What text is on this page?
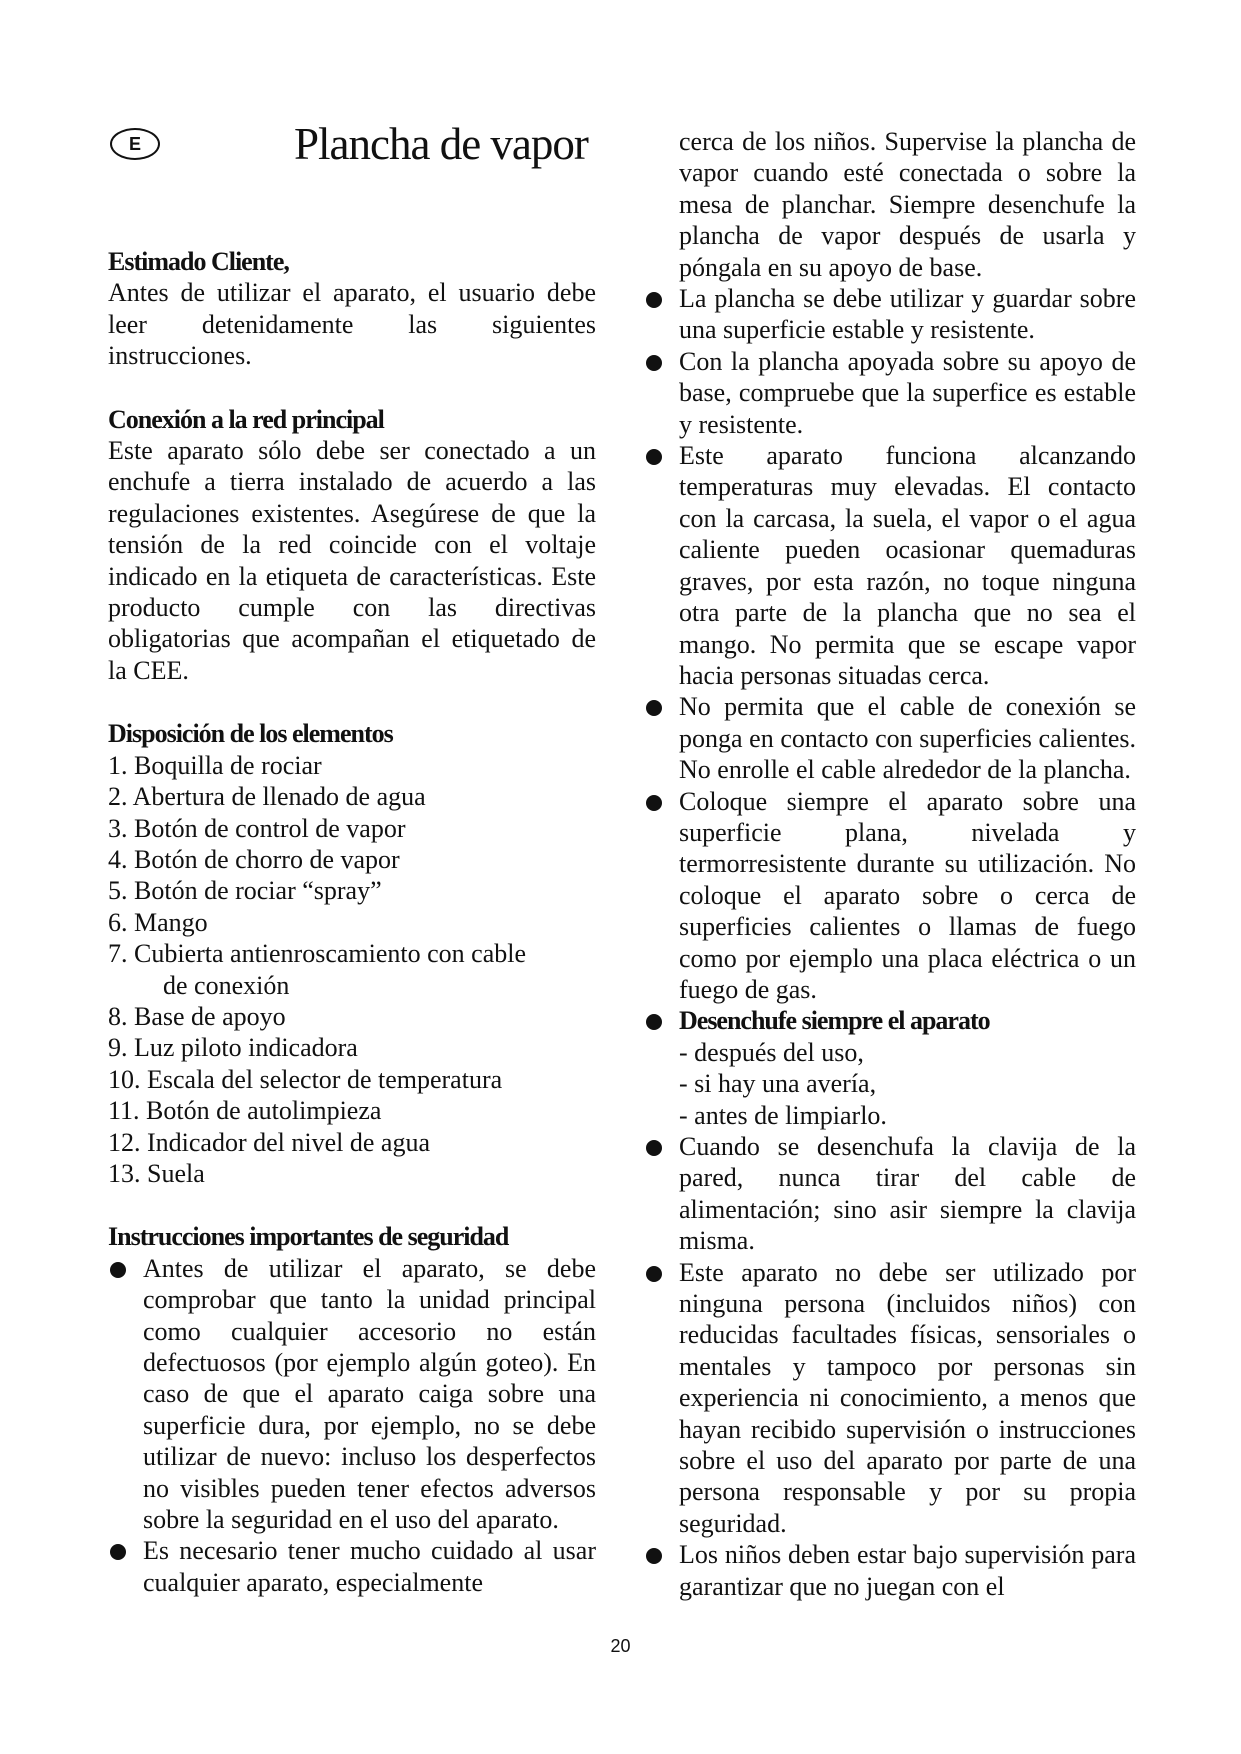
E	Plancha de vapor
Estimado Cliente,
Antes de utilizar el aparato, el usuario debe leer detenidamente las siguientes instrucciones.
Conexión a la red principal
Este aparato sólo debe ser conectado a un enchufe a tierra instalado de acuerdo a las regulaciones existentes. Asegúrese de que la tensión de la red coincide con el voltaje indicado en la etiqueta de características. Este producto cumple con las directivas obligatorias que acompañan el etiquetado de la CEE.
Disposición de los elementos
1. Boquilla de rociar
2. Abertura de llenado de agua
3. Botón de control de vapor
4. Botón de chorro de vapor
5. Botón de rociar “spray”
6. Mango
7. Cubierta antienroscamiento con cable
de conexión
8. Base de apoyo
9. Luz piloto indicadora
10. Escala del selector de temperatura
11. Botón de autolimpieza
12. Indicador del nivel de agua
13. Suela
Instrucciones importantes de seguridad
Antes de utilizar el aparato, se debe comprobar que tanto la unidad principal como cualquier accesorio no están defectuosos (por ejemplo algún goteo). En caso de que el aparato caiga sobre una superficie dura, por ejemplo, no se debe utilizar de nuevo: incluso los desperfectos no visibles pueden tener efectos adversos sobre la seguridad en el uso del aparato.
Es necesario tener mucho cuidado al usar cualquier aparato, especialmente
cerca de los niños. Supervise la plancha de vapor cuando esté conectada o sobre la mesa de planchar. Siempre desenchufe la plancha de vapor después de usarla y póngala en su apoyo de base.
La plancha se debe utilizar y guardar sobre una superficie estable y resistente.
Con la plancha apoyada sobre su apoyo de base, compruebe que la superfice es estable y resistente.
Este aparato funciona alcanzando temperaturas muy elevadas. El contacto con la carcasa, la suela, el vapor o el agua caliente pueden ocasionar quemaduras graves, por esta razón, no toque ninguna otra parte de la plancha que no sea el mango. No permita que se escape vapor hacia personas situadas cerca.
No permita que el cable de conexión se ponga en contacto con superficies calientes. No enrolle el cable alrededor de la plancha.
Coloque siempre el aparato sobre una superficie plana, nivelada y termorresistente durante su utilización. No coloque el aparato sobre o cerca de superficies calientes o llamas de fuego como por ejemplo una placa eléctrica o un fuego de gas.
Desenchufe siempre el aparato
- después del uso,
- si hay una avería,
- antes de limpiarlo.
Cuando se desenchufa la clavija de la pared, nunca tirar del cable de alimentación; sino asir siempre la clavija misma.
Este aparato no debe ser utilizado por ninguna persona (incluidos niños) con reducidas facultades físicas, sensoriales o mentales y tampoco por personas sin experiencia ni conocimiento, a menos que hayan recibido supervisión o instrucciones sobre el uso del aparato por parte de una persona responsable y por su propia seguridad.
Los niños deben estar bajo supervisión para garantizar que no juegan con el
20
